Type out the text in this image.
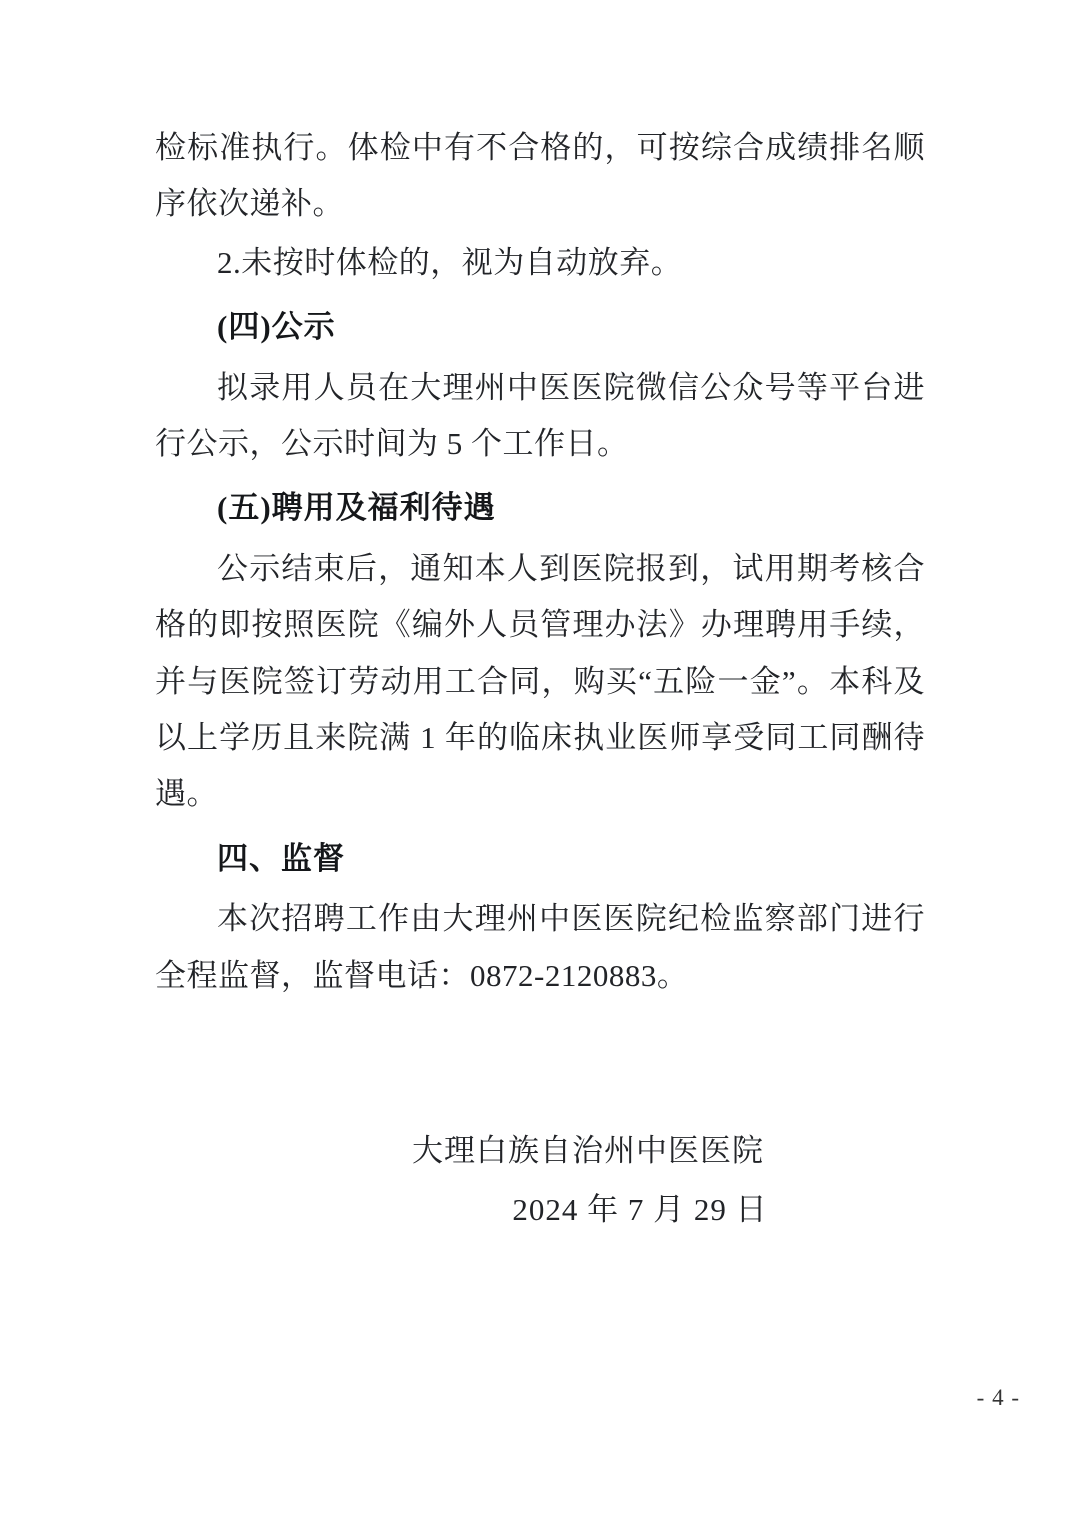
检标准执行。体检中有不合格的，可按综合成绩排名顺序依次递补。

2.未按时体检的，视为自动放弃。

(四)公示

拟录用人员在大理州中医医院微信公众号等平台进行公示，公示时间为 5 个工作日。

(五)聘用及福利待遇

公示结束后，通知本人到医院报到，试用期考核合格的即按照医院《编外人员管理办法》办理聘用手续，并与医院签订劳动用工合同，购买“五险一金”。本科及以上学历且来院满 1 年的临床执业医师享受同工同酬待遇。

四、监督

本次招聘工作由大理州中医医院纪检监察部门进行全程监督，监督电话：0872-2120883。

大理白族自治州中医医院
2024 年 7 月 29 日
- 4 -
